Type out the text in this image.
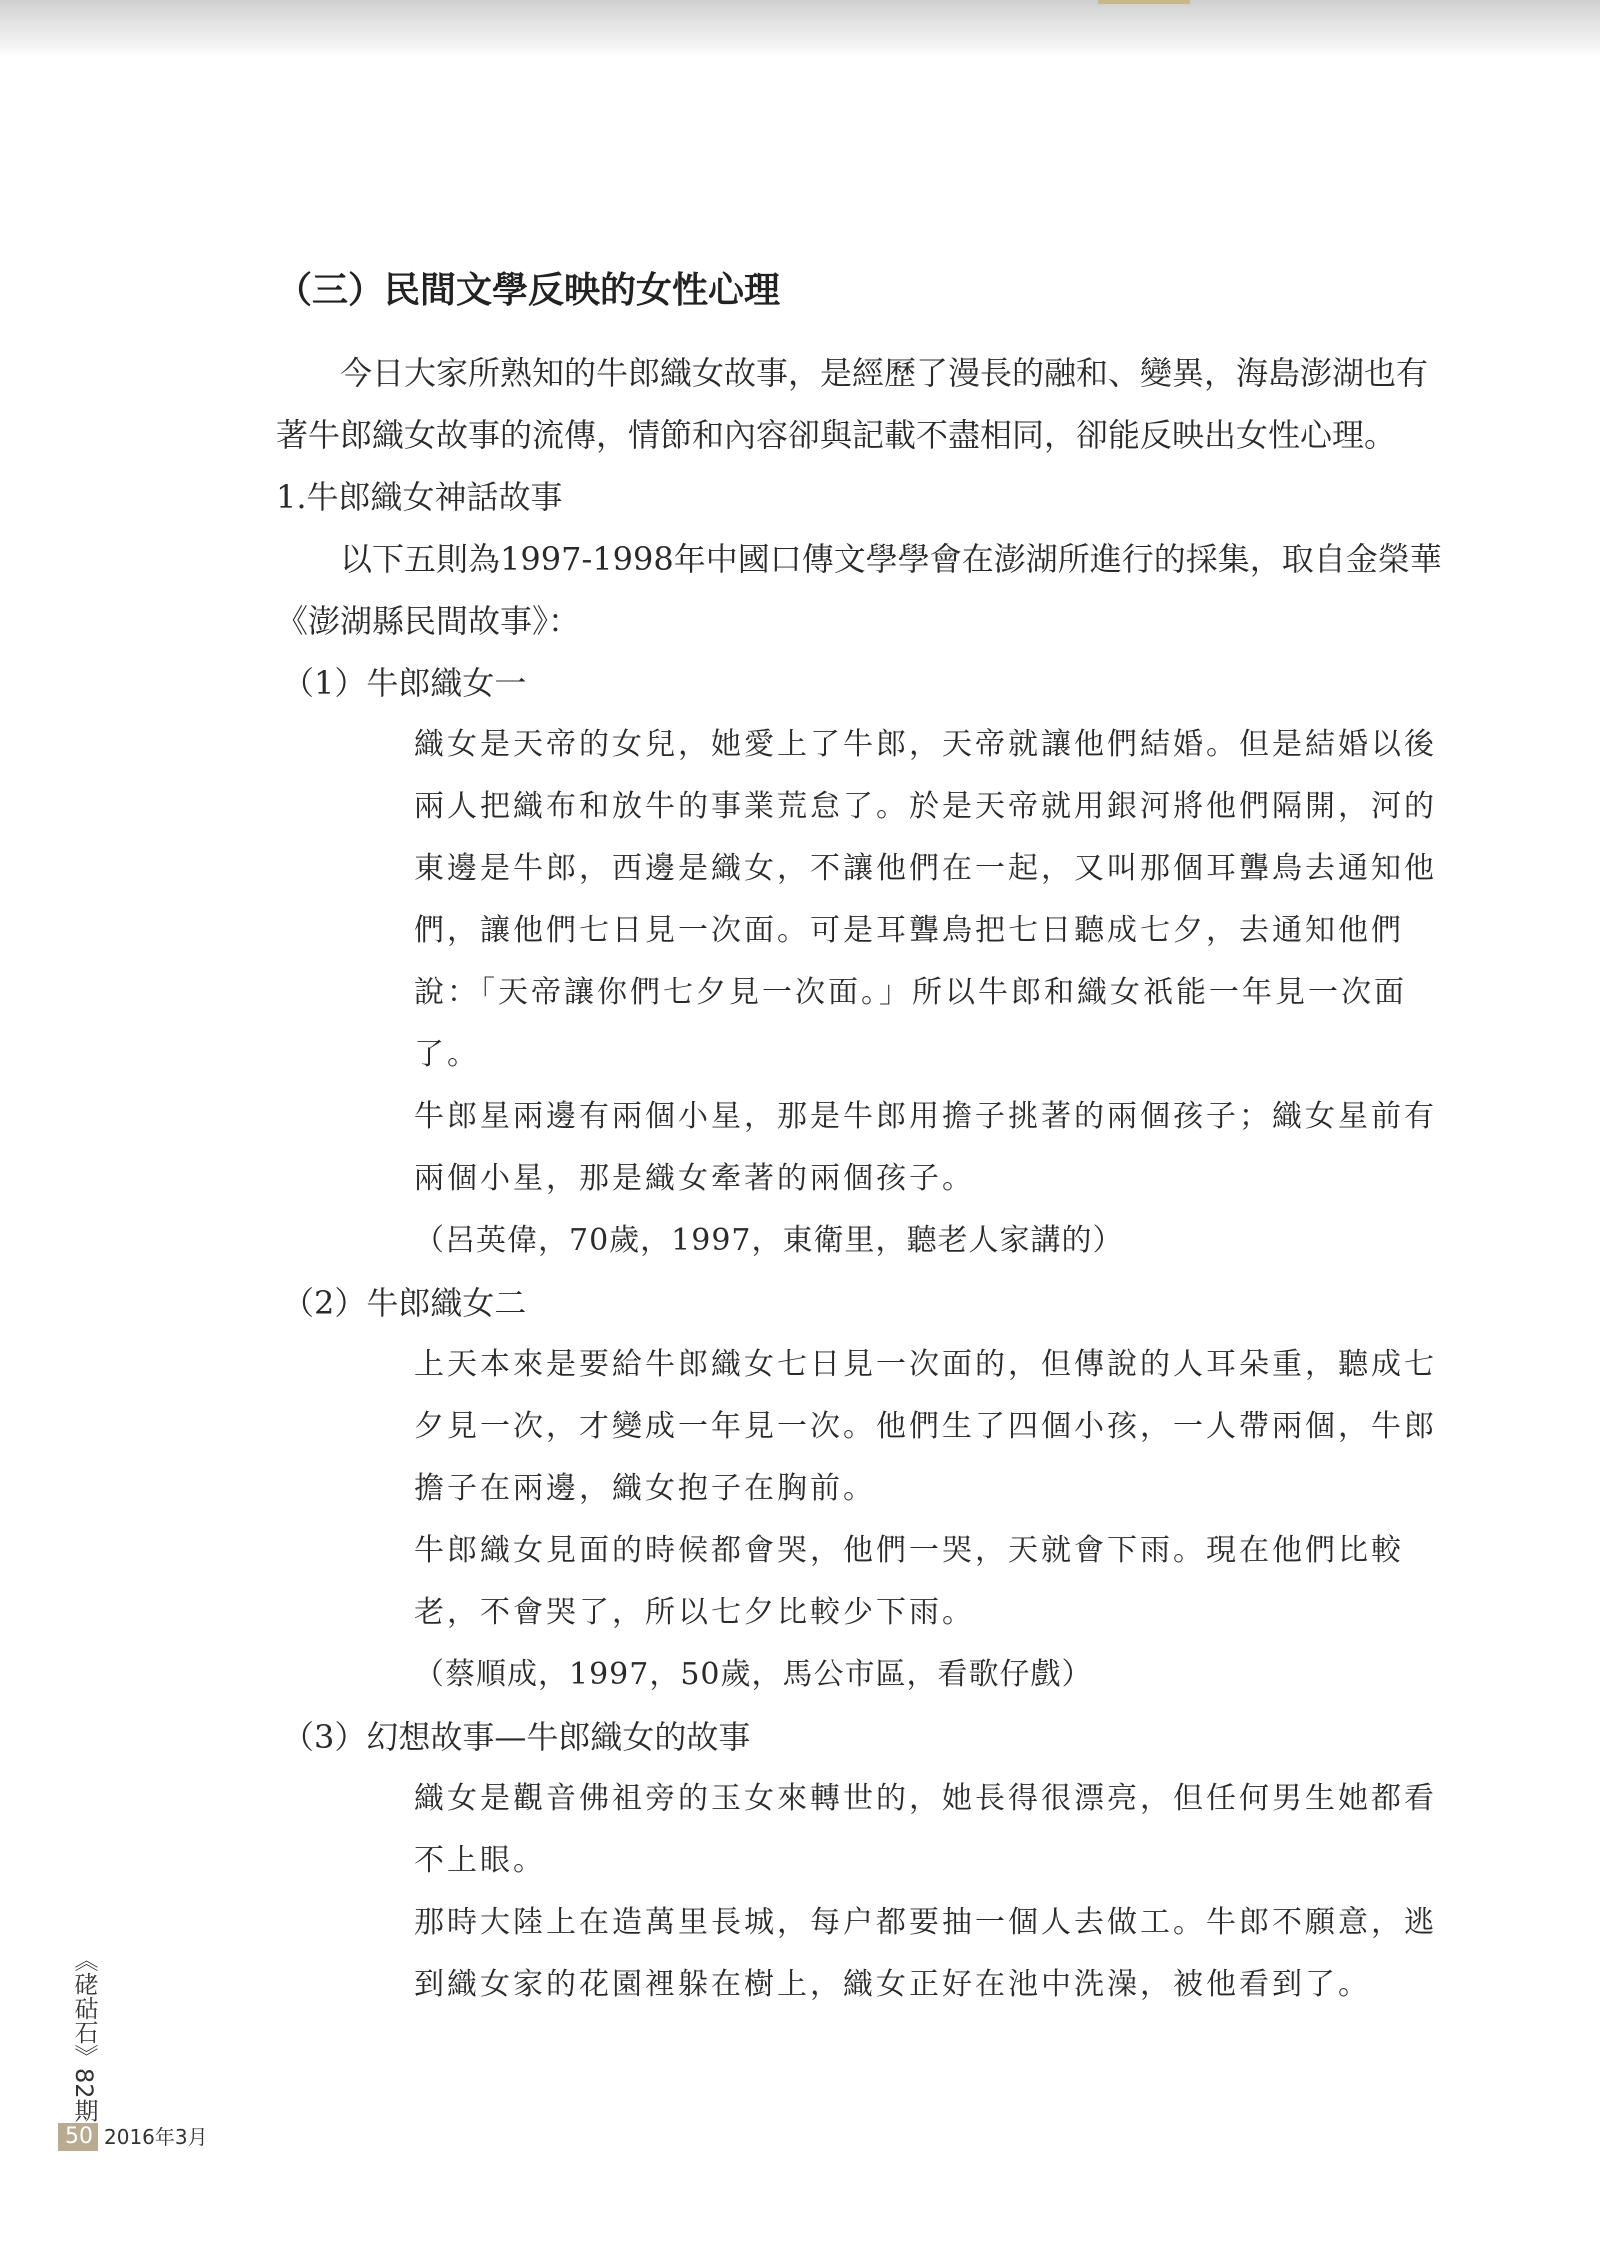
（三）民間文學反映的女性心理

今日大家所熟知的牛郎織女故事，是經歷了漫長的融和、變異，海島澎湖也有著牛郎織女故事的流傳，情節和內容卻與記載不盡相同，卻能反映出女性心理。

1.牛郎織女神話故事

以下五則為1997-1998年中國口傳文學學會在澎湖所進行的採集，取自金榮華《澎湖縣民間故事》：

（1）牛郎織女一

織女是天帝的女兒，她愛上了牛郎，天帝就讓他們結婚。但是結婚以後兩人把織布和放牛的事業荒怠了。於是天帝就用銀河將他們隔開，河的東邊是牛郎，西邊是織女，不讓他們在一起，又叫那個耳聾鳥去通知他們，讓他們七日見一次面。可是耳聾鳥把七日聽成七夕，去通知他們說：「天帝讓你們七夕見一次面。」所以牛郎和織女祇能一年見一次面了。

牛郎星兩邊有兩個小星，那是牛郎用擔子挑著的兩個孩子；織女星前有兩個小星，那是織女牽著的兩個孩子。

（呂英偉，70歲，1997，東衛里，聽老人家講的）

（2）牛郎織女二

上天本來是要給牛郎織女七日見一次面的，但傳說的人耳朵重，聽成七夕見一次，才變成一年見一次。他們生了四個小孩，一人帶兩個，牛郎擔子在兩邊，織女抱子在胸前。

牛郎織女見面的時候都會哭，他們一哭，天就會下雨。現在他們比較老，不會哭了，所以七夕比較少下雨。

（蔡順成，1997，50歲，馬公市區，看歌仔戲）

（3）幻想故事—牛郎織女的故事

織女是觀音佛祖旁的玉女來轉世的，她長得很漂亮，但任何男生她都看不上眼。

那時大陸上在造萬里長城，每户都要抽一個人去做工。牛郎不願意，逃到織女家的花園裡躲在樹上，織女正好在池中洗澡，被他看到了。

《硓𥑮石》82期
50 2016年3月
